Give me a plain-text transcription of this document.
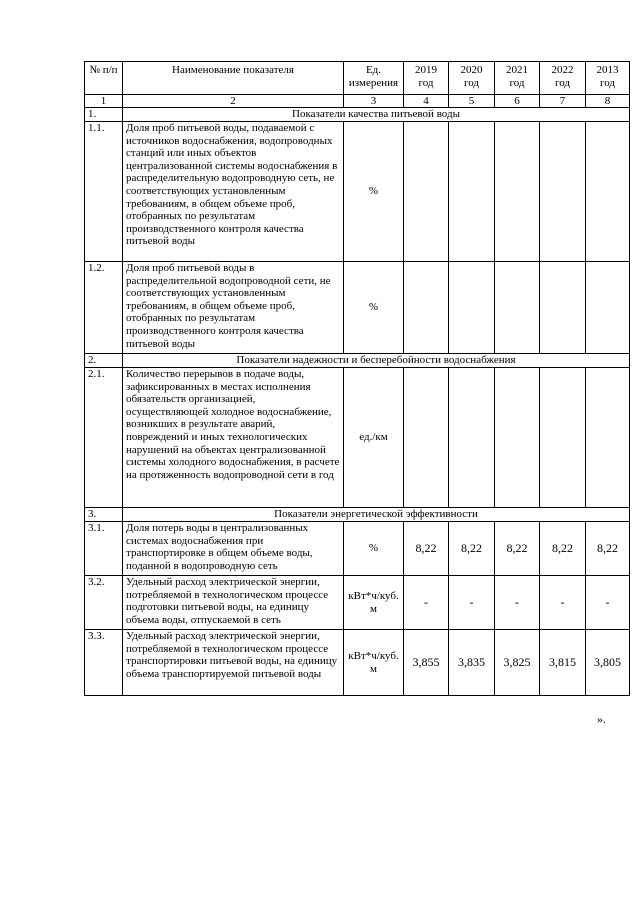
№ п/п	Наименование показателя	Ед. измерения	2019 год	2020 год	2021 год	2022 год	2013 год
1	2	3	4	5	6	7	8
1.	Показатели качества питьевой воды						
1.1.	Доля проб питьевой воды, подаваемой с источников водоснабжения, водопроводных станций или иных объектов централизованной системы водоснабжения в распределительную водопроводную сеть, не соответствующих установленным требованиям, в общем объеме проб, отобранных по результатам производственного контроля качества питьевой воды	%					
1.2.	Доля проб питьевой воды в распределительной водопроводной сети, не соответствующих установленным требованиям, в общем объеме проб, отобранных по результатам производственного контроля качества питьевой воды	%					
2.	Показатели надежности и бесперебойности водоснабжения						
2.1.	Количество перерывов в подаче воды, зафиксированных в местах исполнения обязательств организацией, осуществляющей холодное водоснабжение, возникших в результате аварий, повреждений и иных технологических нарушений на объектах централизованной системы холодного водоснабжения, в расчете на протяженность водопроводной сети в год	ед./км					
3.	Показатели энергетической эффективности						
3.1.	Доля потерь воды в централизованных системах водоснабжения при транспортировке в общем объеме воды, поданной в водопроводную сеть	%	8,22	8,22	8,22	8,22	8,22
3.2.	Удельный расход электрической энергии, потребляемой в технологическом процессе подготовки питьевой воды, на единицу объема воды, отпускаемой в сеть	кВт*ч/куб. м	-	-	-	-	-
3.3.	Удельный расход электрической энергии, потребляемой в технологическом процессе транспортировки питьевой воды, на единицу объема транспортируемой питьевой воды	кВт*ч/куб. м	3,855	3,835	3,825	3,815	3,805
».
